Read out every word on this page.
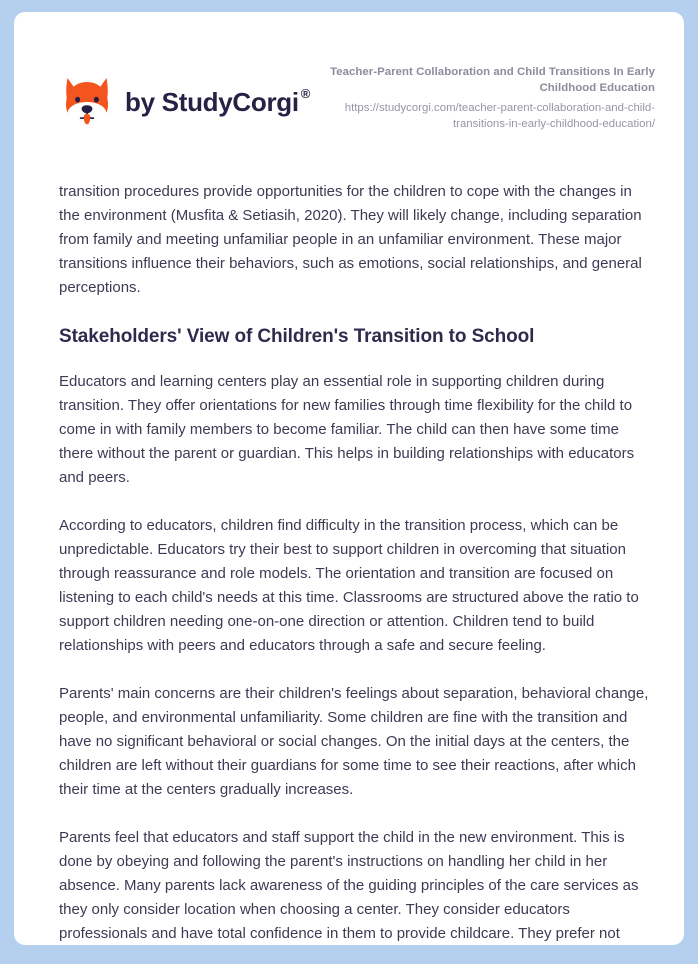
by StudyCorgi ®
Teacher-Parent Collaboration and Child Transitions In Early Childhood Education
https://studycorgi.com/teacher-parent-collaboration-and-child-transitions-in-early-childhood-education/

transition procedures provide opportunities for the children to cope with the changes in the environment (Musfita & Setiasih, 2020). They will likely change, including separation from family and meeting unfamiliar people in an unfamiliar environment. These major transitions influence their behaviors, such as emotions, social relationships, and general perceptions.

Stakeholders' View of Children's Transition to School

Educators and learning centers play an essential role in supporting children during transition. They offer orientations for new families through time flexibility for the child to come in with family members to become familiar. The child can then have some time there without the parent or guardian. This helps in building relationships with educators and peers.

According to educators, children find difficulty in the transition process, which can be unpredictable. Educators try their best to support children in overcoming that situation through reassurance and role models. The orientation and transition are focused on listening to each child's needs at this time. Classrooms are structured above the ratio to support children needing one-on-one direction or attention. Children tend to build relationships with peers and educators through a safe and secure feeling.

Parents' main concerns are their children's feelings about separation, behavioral change, people, and environmental unfamiliarity. Some children are fine with the transition and have no significant behavioral or social changes. On the initial days at the centers, the children are left without their guardians for some time to see their reactions, after which their time at the centers gradually increases.

Parents feel that educators and staff support the child in the new environment. This is done by obeying and following the parent's instructions on handling her child in her absence. Many parents lack awareness of the guiding principles of the care services as they only consider location when choosing a center. They consider educators professionals and have total confidence in them to provide childcare. They prefer not
